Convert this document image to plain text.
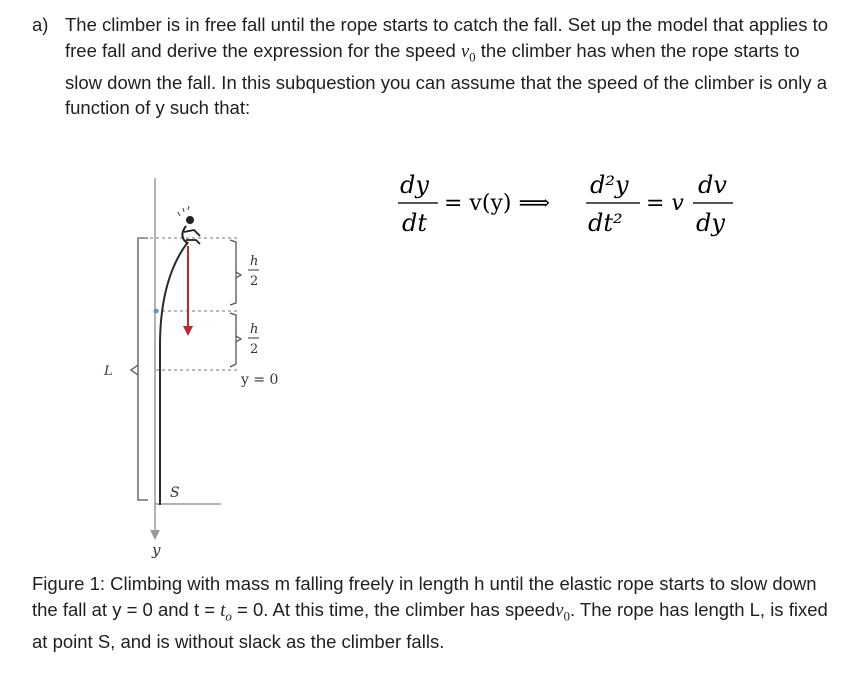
a) The climber is in free fall until the rope starts to catch the fall. Set up the model that applies to free fall and derive the expression for the speed $v_0$ the climber has when the rope starts to slow down the fall. In this subquestion you can assume that the speed of the climber is only a function of y such that:
dy
dt
= v(y) ⟹
d²y
dt²
= v
dv
dy
y
L
h
2
h
2
y = 0
S
Figure 1: Climbing with mass m falling freely in length h until the elastic rope starts to slow down the fall at y = 0 and $t = t_o = 0$. At this time, the climber has speedv$_0$. The rope has length L, is fixed at point S, and is without slack as the climber falls.
